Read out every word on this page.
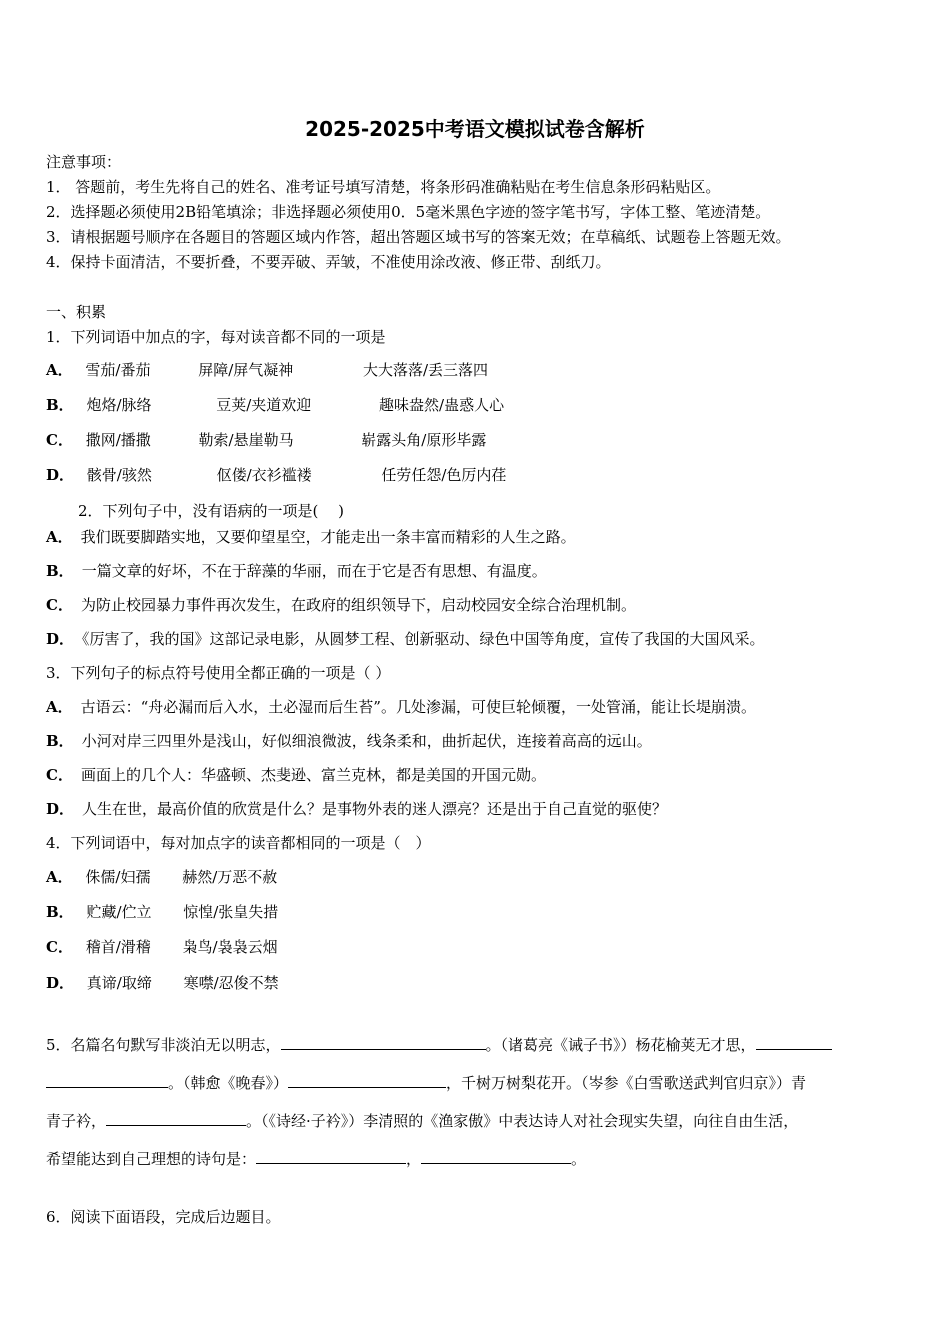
2025-2025中考语文模拟试卷含解析
注意事项：
1． 答题前，考生先将自己的姓名、准考证号填写清楚，将条形码准确粘贴在考生信息条形码粘贴区。
2．选择题必须使用2B铅笔填涂；非选择题必须使用0．5毫米黑色字迹的签字笔书写，字体工整、笔迹清楚。
3．请根据题号顺序在各题目的答题区域内作答，超出答题区域书写的答案无效；在草稿纸、试题卷上答题无效。
4．保持卡面清洁，不要折叠，不要弄破、弄皱，不准使用涂改液、修正带、刮纸刀。
一、积累
1．下列词语中加点的字，每对读音都不同的一项是
A． 雪茄/番茄	屏障/屏气凝神	大大落落/丢三落四
B． 炮烙/脉络	豆荚/夹道欢迎	趣味盎然/蛊惑人心
C． 撒网/播撒	勒索/悬崖勒马	崭露头角/原形毕露
D． 骸骨/骇然	伛偻/衣衫褴褛	任劳任怨/色厉内荏
2．下列句子中，没有语病的一项是(　 )
A． 我们既要脚踏实地，又要仰望星空，才能走出一条丰富而精彩的人生之路。
B． 一篇文章的好坏，不在于辞藻的华丽，而在于它是否有思想、有温度。
C． 为防止校园暴力事件再次发生，在政府的组织领导下，启动校园安全综合治理机制。
D． 《厉害了，我的国》这部记录电影，从圆梦工程、创新驱动、绿色中国等角度，宣传了我国的大国风采。
3．下列句子的标点符号使用全都正确的一项是（ ）
A． 古语云：“舟必漏而后入水，土必湿而后生苔”。几处渗漏，可使巨轮倾覆，一处管涌，能让长堤崩溃。
B． 小河对岸三四里外是浅山，好似细浪微波，线条柔和，曲折起伏，连接着高高的远山。
C． 画面上的几个人：华盛顿、杰斐逊、富兰克林，都是美国的开国元勋。
D． 人生在世，最高价值的欣赏是什么？是事物外表的迷人漂亮？还是出于自己直觉的驱使？
4．下列词语中，每对加点字的读音都相同的一项是（　）
A． 侏儒/妇孺 赫然/万恶不赦
B． 贮藏/伫立 惊惶/张皇失措
C． 稽首/滑稽 枭鸟/袅袅云烟
D． 真谛/取缔 寒噤/忍俊不禁
5．名篇名句默写非淡泊无以明志，	。（诸葛亮《诫子书》）杨花榆荚无才思，
。（韩愈《晚春》）	，千树万树梨花开。（岑参《白雪歌送武判官归京》）青
青子衿，	。（《诗经·子衿》）李清照的《渔家傲》中表达诗人对社会现实失望，向往自由生活，
希望能达到自己理想的诗句是：	，	。
6．阅读下面语段，完成后边题目。
